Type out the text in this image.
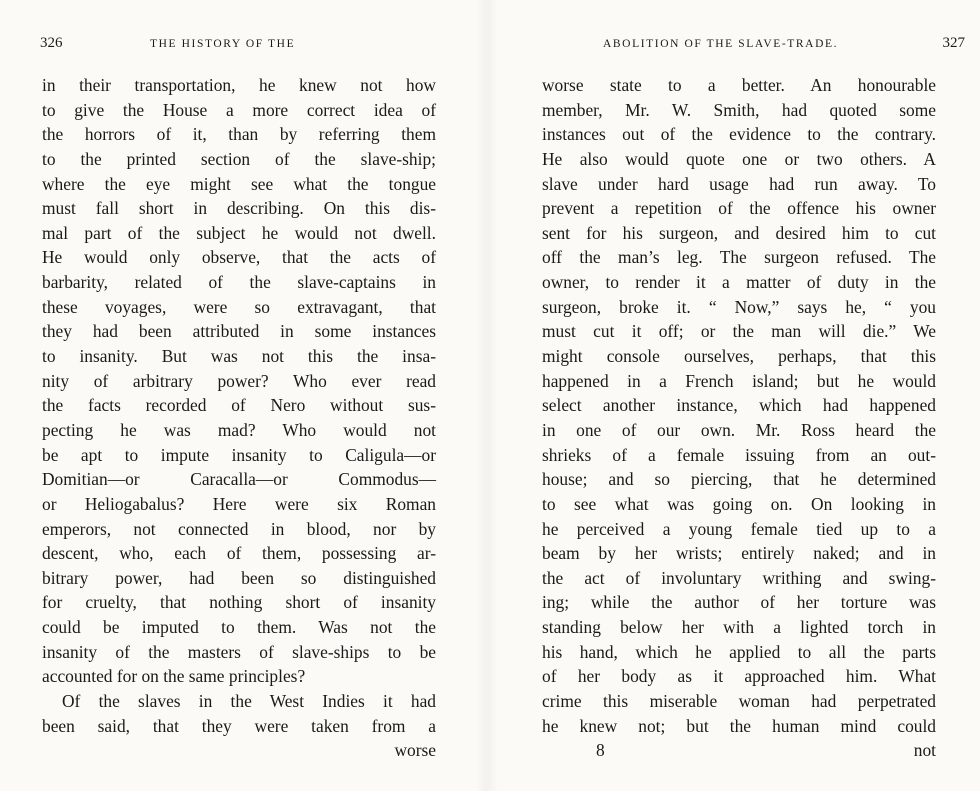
326	THE HISTORY OF THE
in their transportation, he knew not how
to give the House a more correct idea of
the horrors of it, than by referring them
to the printed section of the slave-ship;
where the eye might see what the tongue
must fall short in describing. On this dis-
mal part of the subject he would not dwell.
He would only observe, that the acts of
barbarity, related of the slave-captains in
these voyages, were so extravagant, that
they had been attributed in some instances
to insanity. But was not this the insa-
nity of arbitrary power? Who ever read
the facts recorded of Nero without sus-
pecting he was mad? Who would not
be apt to impute insanity to Caligula—or
Domitian—or Caracalla—or Commodus—
or Heliogabalus? Here were six Roman
emperors, not connected in blood, nor by
descent, who, each of them, possessing ar-
bitrary power, had been so distinguished
for cruelty, that nothing short of insanity
could be imputed to them. Was not the
insanity of the masters of slave-ships to be
accounted for on the same principles?
Of the slaves in the West Indies it had
been said, that they were taken from a
worse
ABOLITION OF THE SLAVE-TRADE.	327
worse state to a better. An honourable
member, Mr. W. Smith, had quoted some
instances out of the evidence to the contrary.
He also would quote one or two others. A
slave under hard usage had run away. To
prevent a repetition of the offence his owner
sent for his surgeon, and desired him to cut
off the man’s leg. The surgeon refused. The
owner, to render it a matter of duty in the
surgeon, broke it. “ Now,” says he, “ you
must cut it off; or the man will die.” We
might console ourselves, perhaps, that this
happened in a French island; but he would
select another instance, which had happened
in one of our own. Mr. Ross heard the
shrieks of a female issuing from an out-
house; and so piercing, that he determined
to see what was going on. On looking in
he perceived a young female tied up to a
beam by her wrists; entirely naked; and in
the act of involuntary writhing and swing-
ing; while the author of her torture was
standing below her with a lighted torch in
his hand, which he applied to all the parts
of her body as it approached him. What
crime this miserable woman had perpetrated
he knew not; but the human mind could
8	not
